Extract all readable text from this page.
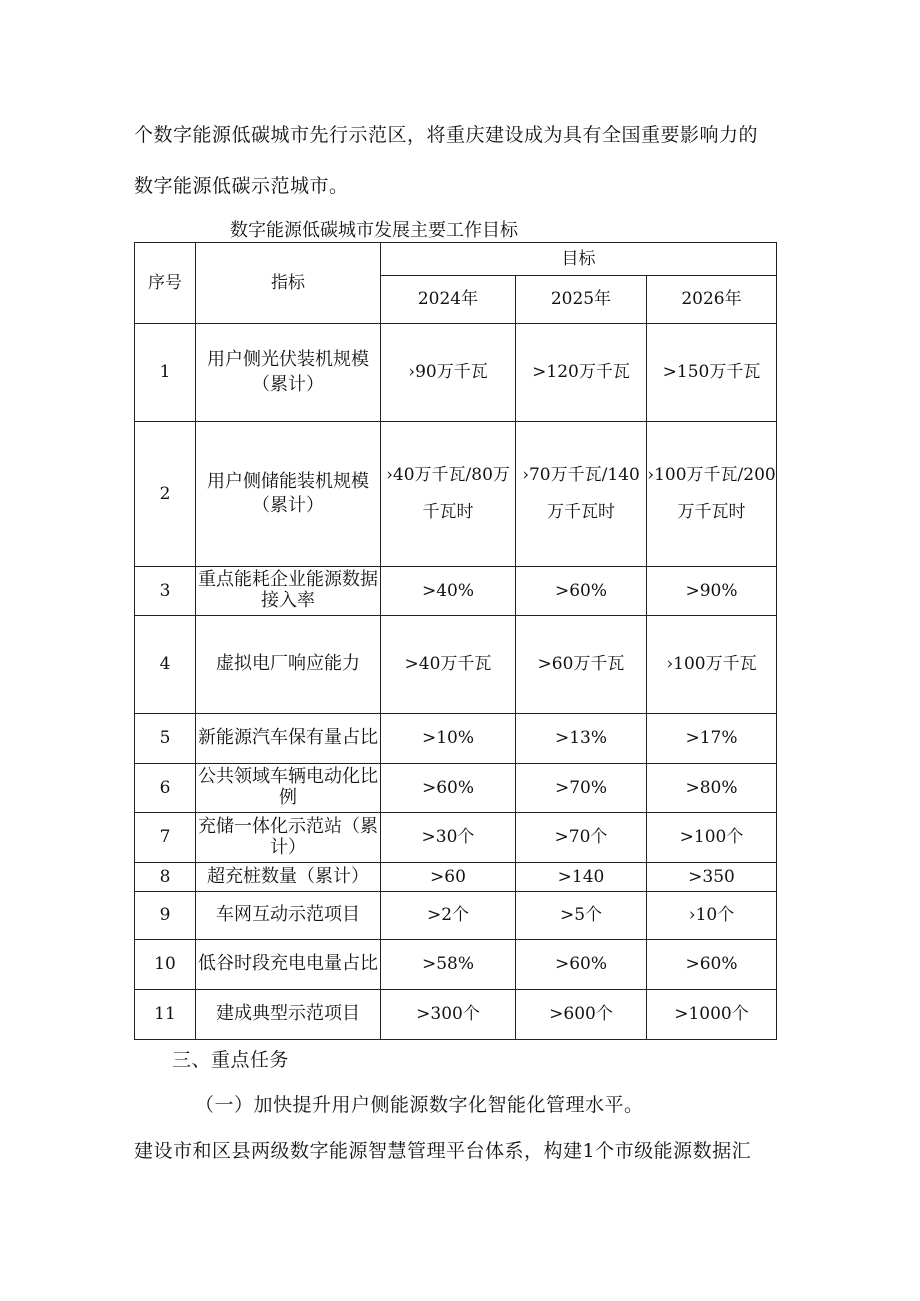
个数字能源低碳城市先行示范区，将重庆建设成为具有全国重要影响力的

数字能源低碳示范城市。

数字能源低碳城市发展主要工作目标

序号	指标	目标		
		2024年	2025年	2026年
1	用户侧光伏装机规模（累计）	›90万千瓦	>120万千瓦	>150万千瓦
2	用户侧储能装机规模（累计）	›40万千瓦/80万千瓦时	›70万千瓦/140万千瓦时	›100万千瓦/200万千瓦时
3	重点能耗企业能源数据接入率	>40%	>60%	>90%
4	虚拟电厂响应能力	>40万千瓦	>60万千瓦	›100万千瓦
5	新能源汽车保有量占比	>10%	>13%	>17%
6	公共领域车辆电动化比例	>60%	>70%	>80%
7	充储一体化示范站（累计）	>30个	>70个	>100个
8	超充桩数量（累计）	>60	>140	>350
9	车网互动示范项目	>2个	>5个	›10个
10	低谷时段充电电量占比	>58%	>60%	>60%
11	建成典型示范项目	>300个	>600个	>1000个

三、重点任务

（一）加快提升用户侧能源数字化智能化管理水平。

建设市和区县两级数字能源智慧管理平台体系，构建1个市级能源数据汇
